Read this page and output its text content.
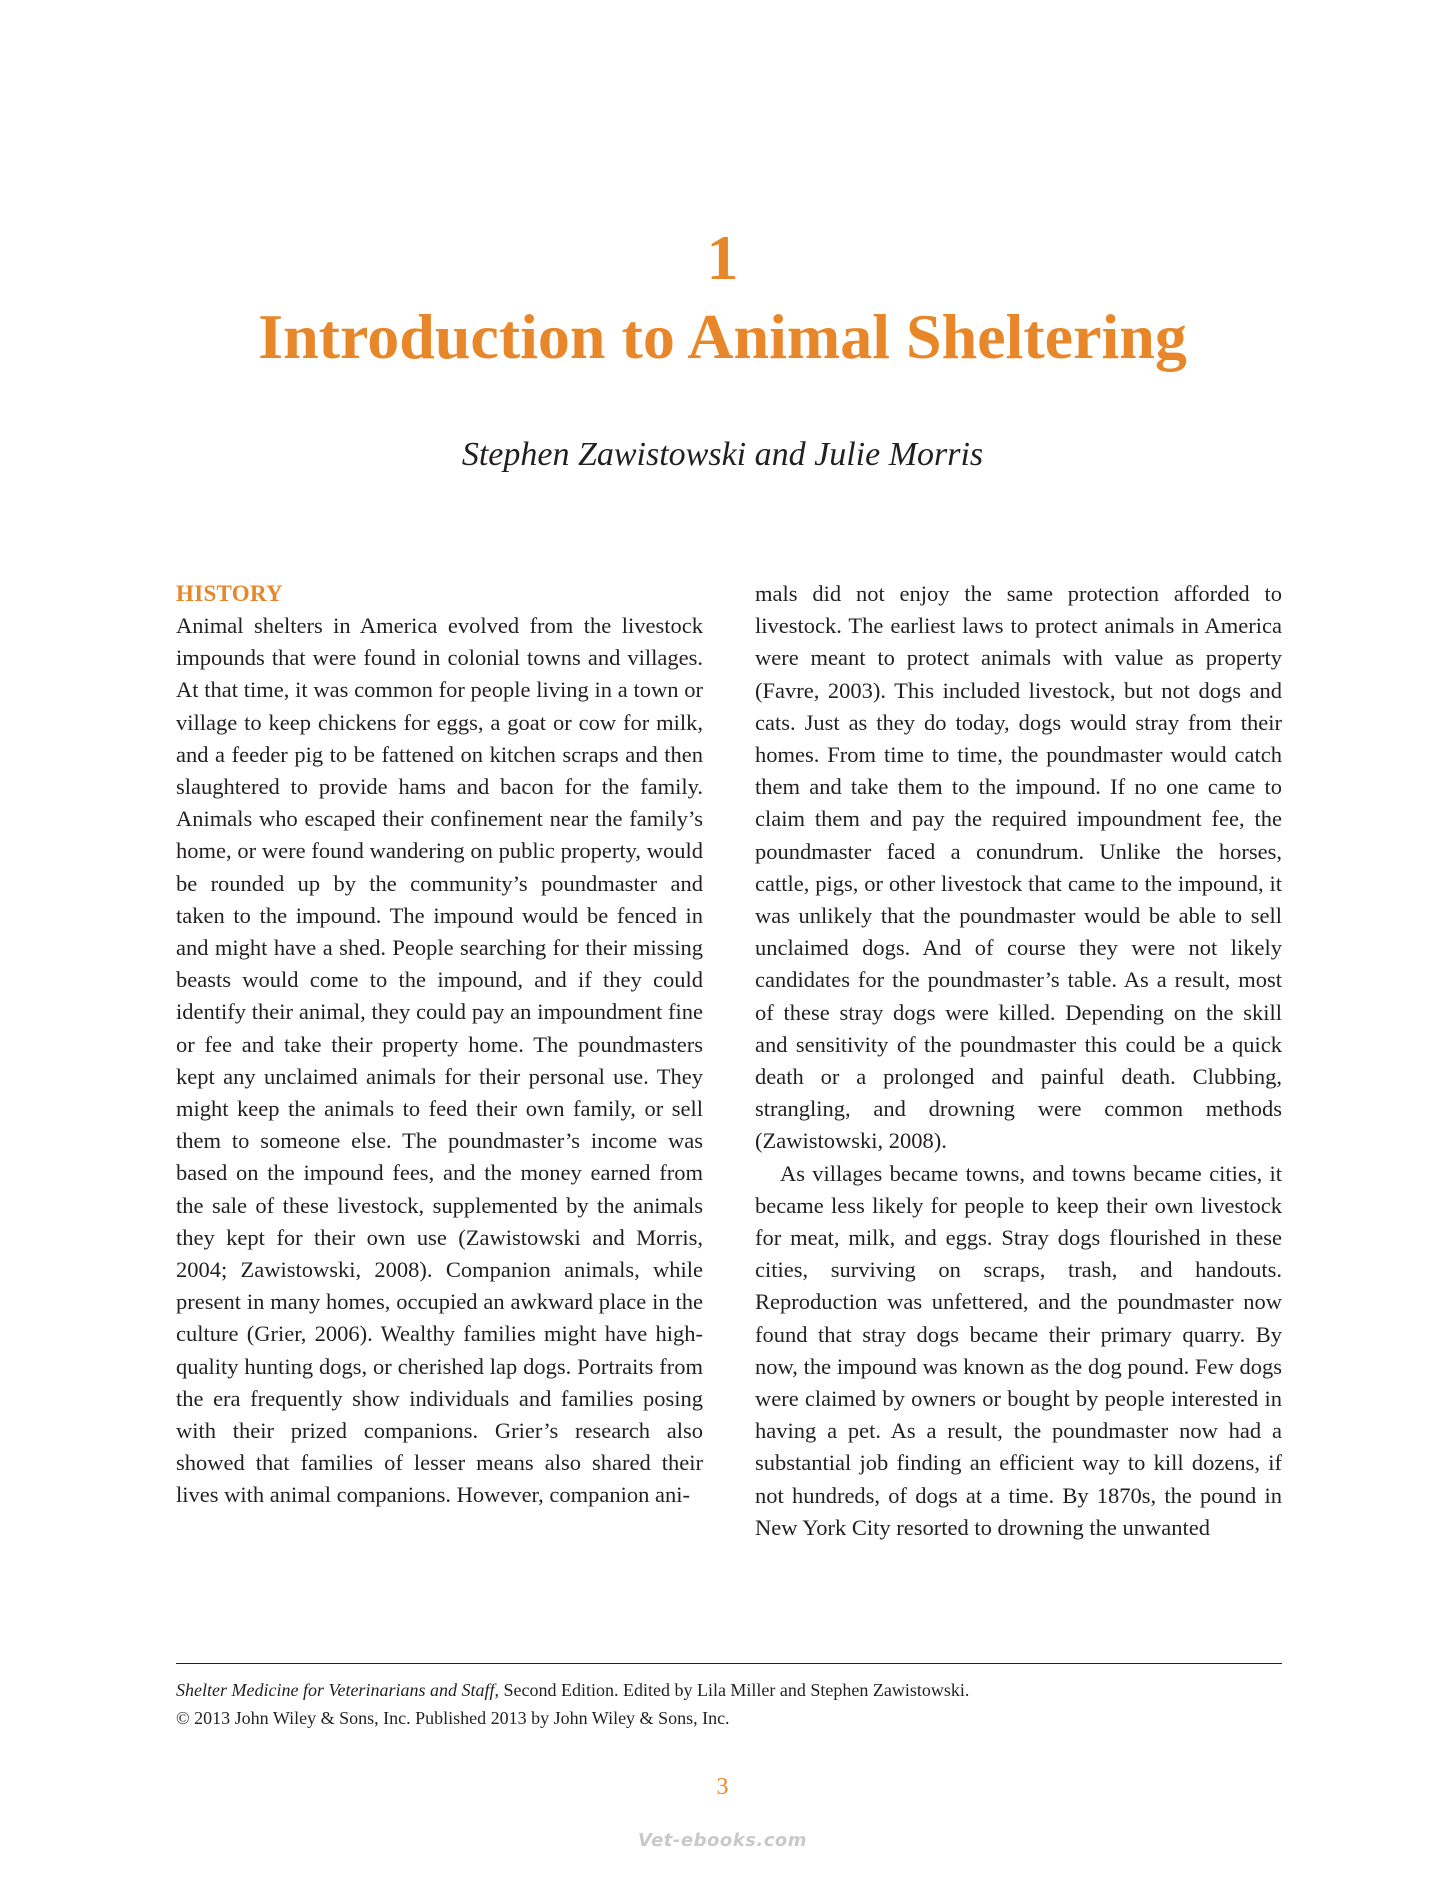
1
Introduction to Animal Sheltering
Stephen Zawistowski and Julie Morris
HISTORY

Animal shelters in America evolved from the livestock impounds that were found in colonial towns and villages. At that time, it was common for people living in a town or village to keep chickens for eggs, a goat or cow for milk, and a feeder pig to be fattened on kitchen scraps and then slaughtered to provide hams and bacon for the family. Animals who escaped their confinement near the family’s home, or were found wandering on public property, would be rounded up by the community’s poundmaster and taken to the impound. The impound would be fenced in and might have a shed. People searching for their missing beasts would come to the impound, and if they could identify their animal, they could pay an impoundment fine or fee and take their property home. The poundmasters kept any unclaimed animals for their personal use. They might keep the animals to feed their own family, or sell them to someone else. The poundmaster’s income was based on the impound fees, and the money earned from the sale of these livestock, supplemented by the animals they kept for their own use (Zawistowski and Morris, 2004; Zawistowski, 2008). Companion animals, while present in many homes, occupied an awkward place in the culture (Grier, 2006). Wealthy families might have high-quality hunting dogs, or cherished lap dogs. Portraits from the era frequently show individuals and families posing with their prized companions. Grier’s research also showed that families of lesser means also shared their lives with animal companions. However, companion ani-

mals did not enjoy the same protection afforded to livestock. The earliest laws to protect animals in America were meant to protect animals with value as property (Favre, 2003). This included livestock, but not dogs and cats. Just as they do today, dogs would stray from their homes. From time to time, the poundmaster would catch them and take them to the impound. If no one came to claim them and pay the required impoundment fee, the poundmaster faced a conundrum. Unlike the horses, cattle, pigs, or other livestock that came to the impound, it was unlikely that the poundmaster would be able to sell unclaimed dogs. And of course they were not likely candidates for the poundmaster’s table. As a result, most of these stray dogs were killed. Depending on the skill and sensitivity of the poundmaster this could be a quick death or a prolonged and painful death. Clubbing, strangling, and drowning were common methods (Zawistowski, 2008).

As villages became towns, and towns became cities, it became less likely for people to keep their own livestock for meat, milk, and eggs. Stray dogs flourished in these cities, surviving on scraps, trash, and handouts. Reproduction was unfettered, and the poundmaster now found that stray dogs became their primary quarry. By now, the impound was known as the dog pound. Few dogs were claimed by owners or bought by people interested in having a pet. As a result, the poundmaster now had a substantial job finding an efficient way to kill dozens, if not hundreds, of dogs at a time. By 1870s, the pound in New York City resorted to drowning the unwanted

Shelter Medicine for Veterinarians and Staff, Second Edition. Edited by Lila Miller and Stephen Zawistowski.
© 2013 John Wiley & Sons, Inc. Published 2013 by John Wiley & Sons, Inc.
3
Vet-ebooks.com
